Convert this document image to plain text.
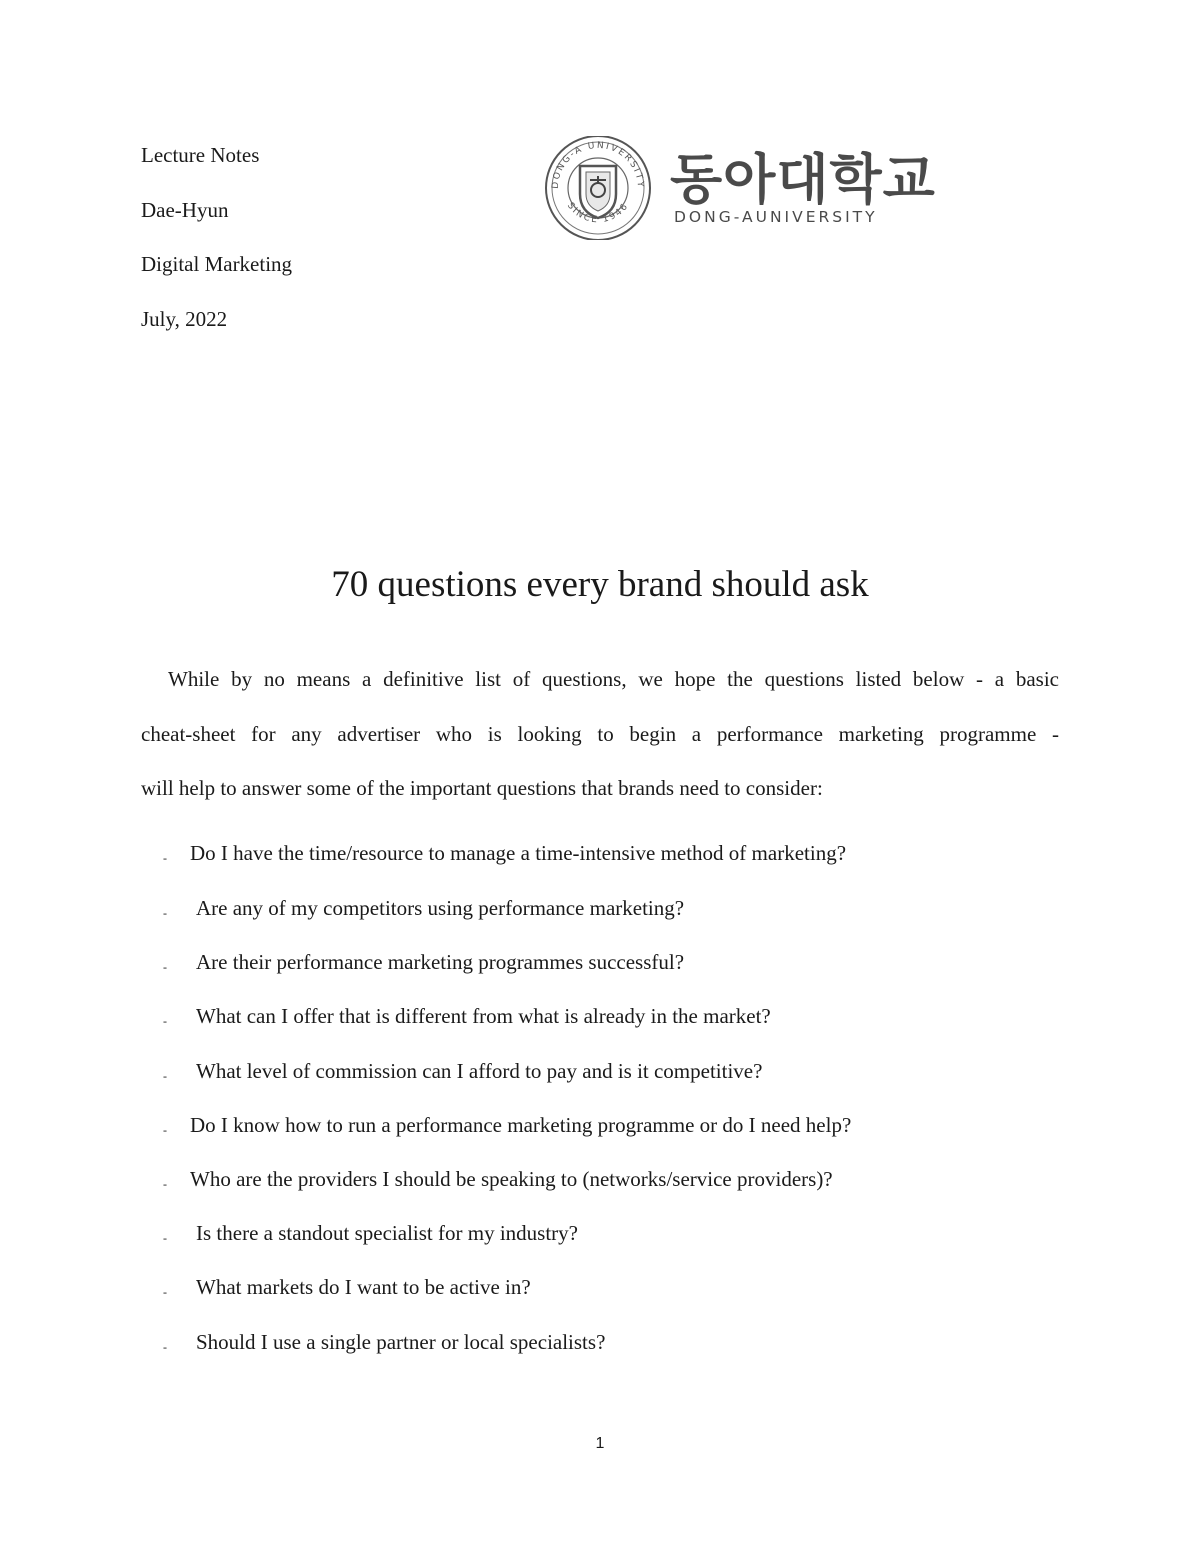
Lecture Notes
Dae-Hyun
Digital Marketing
July, 2022
DONG-A UNIVERSITY
SINCE 1946 동아대학교
DONG-AUNIVERSITY
70 questions every brand should ask
While by no means a definitive list of questions, we hope the questions listed below - a basic
cheat-sheet for any advertiser who is looking to begin a performance marketing programme -
will help to answer some of the important questions that brands need to consider:
- Do I have the time/resource to manage a time-intensive method of marketing?
- Are any of my competitors using performance marketing?
- Are their performance marketing programmes successful?
- What can I offer that is different from what is already in the market?
- What level of commission can I afford to pay and is it competitive?
- Do I know how to run a performance marketing programme or do I need help?
- Who are the providers I should be speaking to (networks/service providers)?
- Is there a standout specialist for my industry?
- What markets do I want to be active in?
- Should I use a single partner or local specialists?
1
